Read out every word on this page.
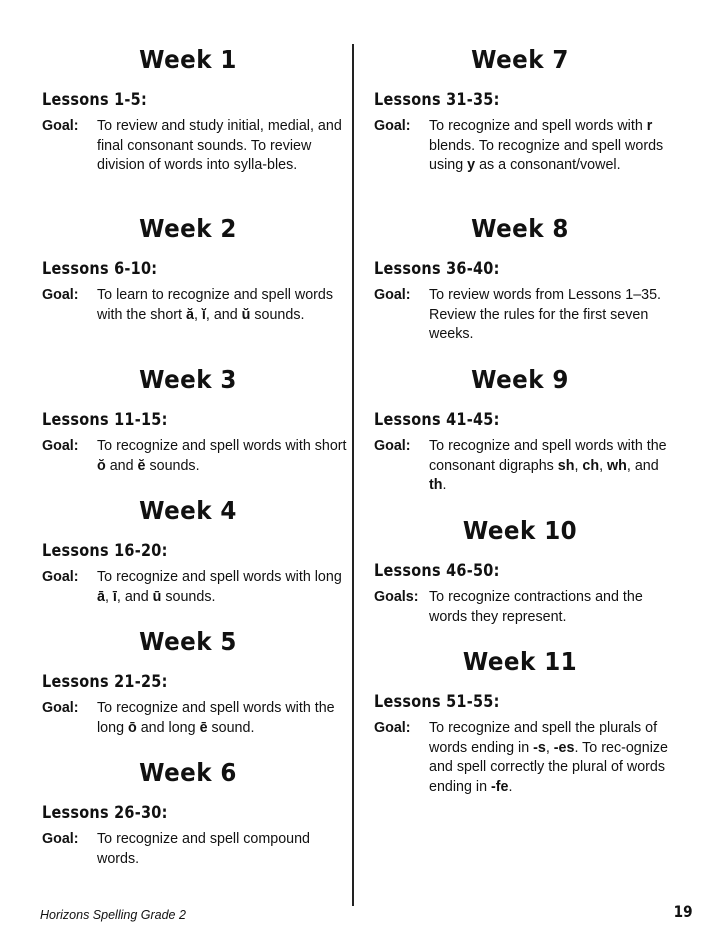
Week 1
Lessons 1-5:
Goal: To review and study initial, medial, and final consonant sounds. To review division of words into sylla-bles.
Week 2
Lessons 6-10:
Goal: To learn to recognize and spell words with the short ă, ĭ, and ŭ sounds.
Week 3
Lessons 11-15:
Goal: To recognize and spell words with short ŏ and ĕ sounds.
Week 4
Lessons 16-20:
Goal: To recognize and spell words with long ā, ī, and ū sounds.
Week 5
Lessons 21-25:
Goal: To recognize and spell words with the long ō and long ē sound.
Week 6
Lessons 26-30:
Goal: To recognize and spell compound words.
Week 7
Lessons 31-35:
Goal: To recognize and spell words with r blends. To recognize and spell words using y as a consonant/vowel.
Week 8
Lessons 36-40:
Goal: To review words from Lessons 1–35. Review the rules for the first seven weeks.
Week 9
Lessons 41-45:
Goal: To recognize and spell words with the consonant digraphs sh, ch, wh, and th.
Week 10
Lessons 46-50:
Goals: To recognize contractions and the words they represent.
Week 11
Lessons 51-55:
Goal: To recognize and spell the plurals of words ending in -s, -es. To rec-ognize and spell correctly the plural of words ending in -fe.
Horizons Spelling Grade 2	19
